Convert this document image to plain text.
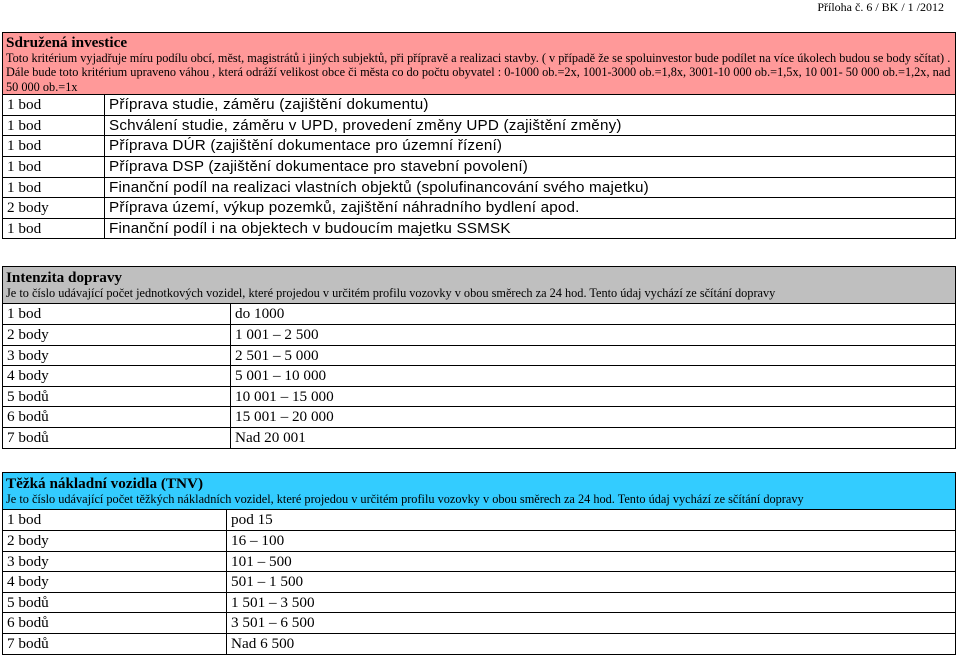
Příloha č. 6 / BK / 1 /2012
Sdružená investice
Toto kritérium vyjadřuje míru podílu obcí, měst, magistrátů i jiných subjektů, při přípravě a realizaci stavby. ( v případě že se spoluinvestor bude podílet na více úkolech budou se body sčítat) . Dále bude toto kritérium upraveno váhou , která odráží velikost obce či města co do počtu obyvatel : 0-1000 ob.=2x, 1001-3000 ob.=1,8x, 3001-10 000 ob.=1,5x, 10 001- 50 000 ob.=1,2x, nad 50 000 ob.=1x	

1 bod	Příprava studie, záměru (zajištění dokumentu)
1 bod	Schválení studie, záměru v UPD, provedení změny UPD (zajištění změny)
1 bod	Příprava DÚR (zajištění dokumentace pro územní řízení)
1 bod	Příprava DSP (zajištění dokumentace pro stavební povolení)
1 bod	Finanční podíl na realizaci vlastních objektů (spolufinancování svého majetku)
2 body	Příprava území, výkup pozemků, zajištění náhradního bydlení apod.
1 bod	Finanční podíl i na objektech v budoucím majetku SSMSK
Intenzita dopravy
Je to číslo udávající počet jednotkových vozidel, které projedou v určitém profilu vozovky v obou směrech za 24 hod. Tento údaj vychází ze sčítání dopravy	

1 bod	do 1000
2 body	1 001 – 2 500
3 body	2 501 – 5 000
4 body	5 001 – 10 000
5 bodů	10 001 – 15 000
6 bodů	15 001 – 20 000
7 bodů	Nad 20 001
Těžká nákladní vozidla (TNV)
Je to číslo udávající počet těžkých nákladních vozidel, které projedou v určitém profilu vozovky v obou směrech za 24 hod. Tento údaj vychází ze sčítání dopravy	

1 bod	pod 15
2 body	16 – 100
3 body	101 – 500
4 body	501 – 1 500
5 bodů	1 501 – 3 500
6 bodů	3 501 – 6 500
7 bodů	Nad 6 500
